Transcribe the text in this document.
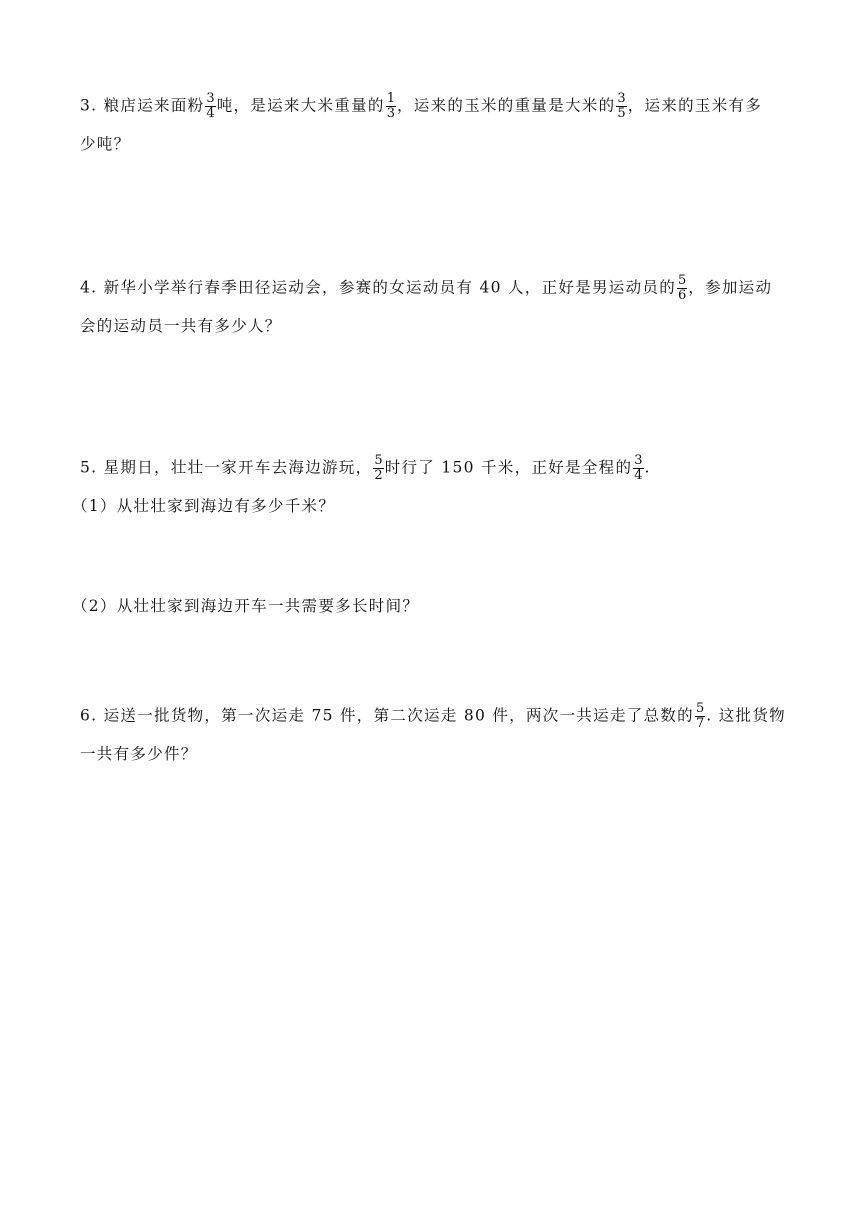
3. 粮店运来面粉 $\frac{3}{4}$ 吨，是运来大米重量的 $\frac{1}{3}$ ，运来的玉米的重量是大米的 $\frac{3}{5}$ ，运来的玉米有多
少吨？
4. 新华小学举行春季田径运动会，参赛的女运动员有 40 人，正好是男运动员的 $\frac{5}{6}$ ，参加运动
会的运动员一共有多少人？
5. 星期日，壮壮一家开车去海边游玩， $\frac{5}{2}$ 时行了 150 千米，正好是全程的 $\frac{3}{4}$ .
（1）从壮壮家到海边有多少千米？
（2）从壮壮家到海边开车一共需要多长时间？
6. 运送一批货物，第一次运走 75 件，第二次运走 80 件，两次一共运走了总数的 $\frac{5}{7}$ . 这批货物
一共有多少件？
